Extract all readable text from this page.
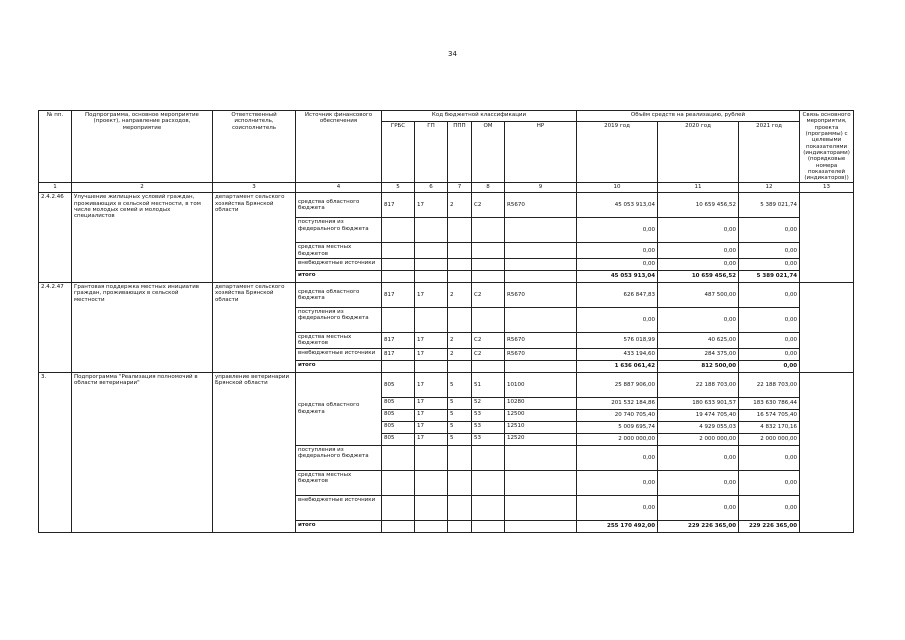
34
№ пп.	Подпрограмма, основное мероприятие (проект), направление расходов, мероприятие	Ответственный исполнитель, соисполнитель	Источник финансового обеспечения	Код бюджетной классификации					Объём средств на реализацию, рублей			Связь основного мероприятия, проекта (программы) с целевыми показателями (индикаторами) (порядковые номера показателей (индикаторов))
				ГРБС	ГП	ППП	ОМ	НР	2019 год	2020 год	2021 год	
1	2	3	4	5	6	7	8	9	10	11	12	13
2.4.2.46	Улучшение жилищных условий граждан, проживающих в сельской местности, в том числе молодых семей и молодых специалистов	департамент сельского хозяйства Брянской области	средства областного бюджета	817	17	2	C2	R5670	45 053 913,04	10 659 456,52	5 389 021,74	
			поступления из федерального бюджета						0,00	0,00	0,00	
			средства местных бюджетов						0,00	0,00	0,00	
			внебюджетные источники						0,00	0,00	0,00	
			итого						45 053 913,04	10 659 456,52	5 389 021,74	
2.4.2.47	Грантовая поддержка местных инициатив граждан, проживающих в сельской местности	департамент сельского хозяйства Брянской области	средства областного бюджета	817	17	2	C2	R5670	626 847,83	487 500,00	0,00	
			поступления из федерального бюджета						0,00	0,00	0,00	
			средства местных бюджетов	817	17	2	C2	R5670	576 018,99	40 625,00	0,00	
			внебюджетные источники	817	17	2	C2	R5670	433 194,60	284 375,00	0,00	
			итого						1 636 061,42	812 500,00	0,00	
3.	Подпрограмма "Реализация полномочий в области ветеринарии"	управление ветеринарии Брянской области	средства областного бюджета	805	17	5	51	10100	25 887 906,00	22 188 703,00	22 188 703,00	
				805	17	5	52	10280	201 532 184,86	180 633 901,57	183 630 786,44	
				805	17	5	53	12500	20 740 705,40	19 474 705,40	16 574 705,40	
				805	17	5	53	12510	5 009 695,74	4 929 055,03	4 832 170,16	
				805	17	5	53	12520	2 000 000,00	2 000 000,00	2 000 000,00	
			поступления из федерального бюджета						0,00	0,00	0,00	
			средства местных бюджетов						0,00	0,00	0,00	
			внебюджетные источники						0,00	0,00	0,00	
			итого						255 170 492,00	229 226 365,00	229 226 365,00	
